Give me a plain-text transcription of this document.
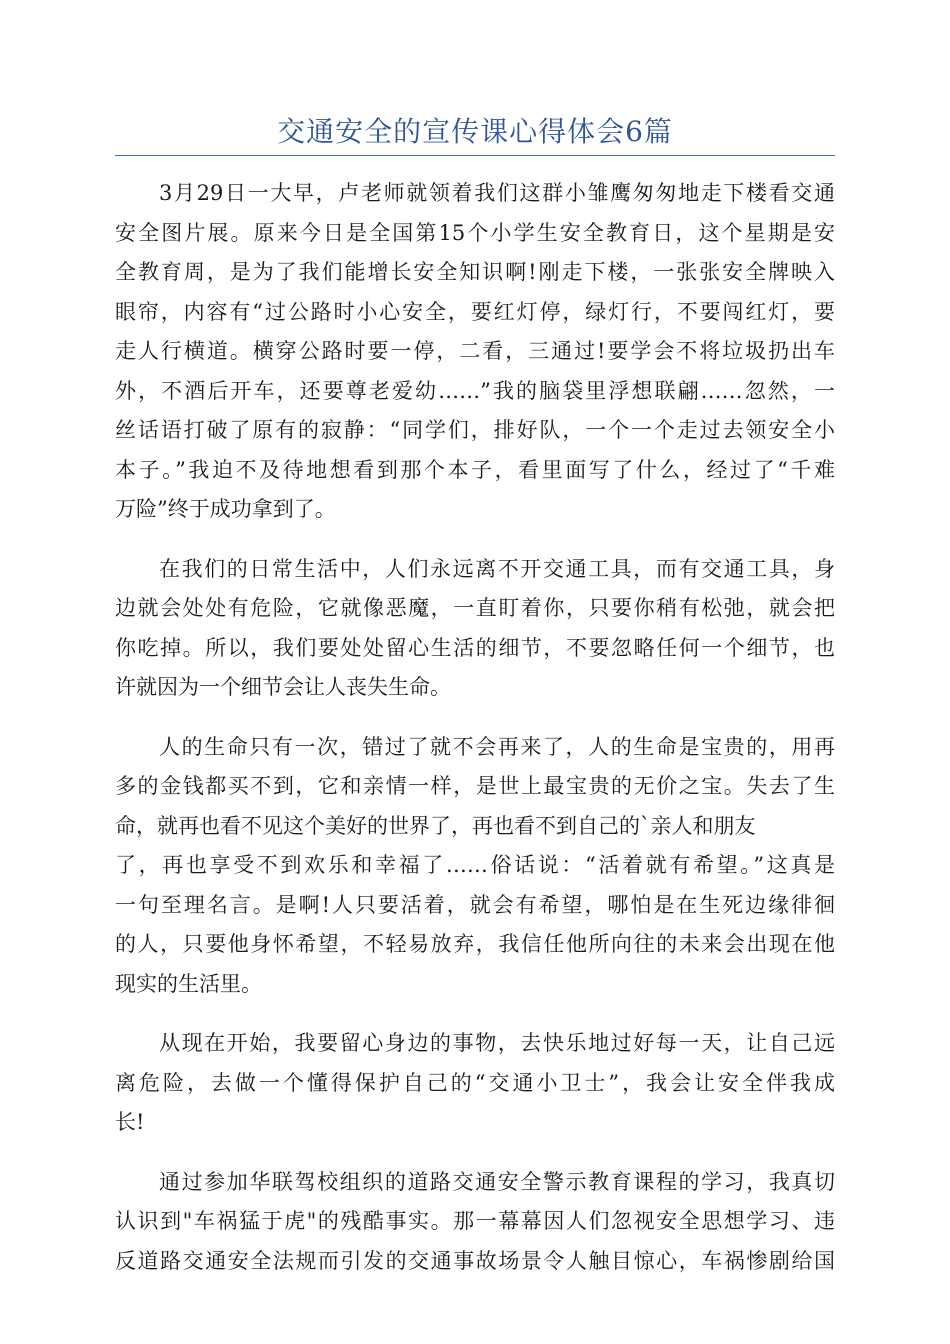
交通安全的宣传课心得体会6篇
3月29日一大早，卢老师就领着我们这群小雏鹰匆匆地走下楼看交通
安全图片展。原来今日是全国第15个小学生安全教育日，这个星期是安
全教育周，是为了我们能增长安全知识啊!刚走下楼，一张张安全牌映入
眼帘，内容有“过公路时小心安全，要红灯停，绿灯行，不要闯红灯，要
走人行横道。横穿公路时要一停，二看，三通过!要学会不将垃圾扔出车
外，不酒后开车，还要尊老爱幼……”我的脑袋里浮想联翩……忽然，一
丝话语打破了原有的寂静：“同学们，排好队，一个一个走过去领安全小
本子。”我迫不及待地想看到那个本子，看里面写了什么，经过了“千难
万险”终于成功拿到了。
在我们的日常生活中，人们永远离不开交通工具，而有交通工具，身
边就会处处有危险，它就像恶魔，一直盯着你，只要你稍有松弛，就会把
你吃掉。所以，我们要处处留心生活的细节，不要忽略任何一个细节，也
许就因为一个细节会让人丧失生命。
人的生命只有一次，错过了就不会再来了，人的生命是宝贵的，用再
多的金钱都买不到，它和亲情一样，是世上最宝贵的无价之宝。失去了生
命，就再也看不见这个美好的世界了，再也看不到自己的`亲人和朋友
了，再也享受不到欢乐和幸福了……俗话说：“活着就有希望。”这真是
一句至理名言。是啊!人只要活着，就会有希望，哪怕是在生死边缘徘徊
的人，只要他身怀希望，不轻易放弃，我信任他所向往的未来会出现在他
现实的生活里。
从现在开始，我要留心身边的事物，去快乐地过好每一天，让自己远
离危险，去做一个懂得保护自己的“交通小卫士”，我会让安全伴我成
长!
通过参加华联驾校组织的道路交通安全警示教育课程的学习，我真切
认识到"车祸猛于虎"的残酷事实。那一幕幕因人们忽视安全思想学习、违
反道路交通安全法规而引发的交通事故场景令人触目惊心，车祸惨剧给国
